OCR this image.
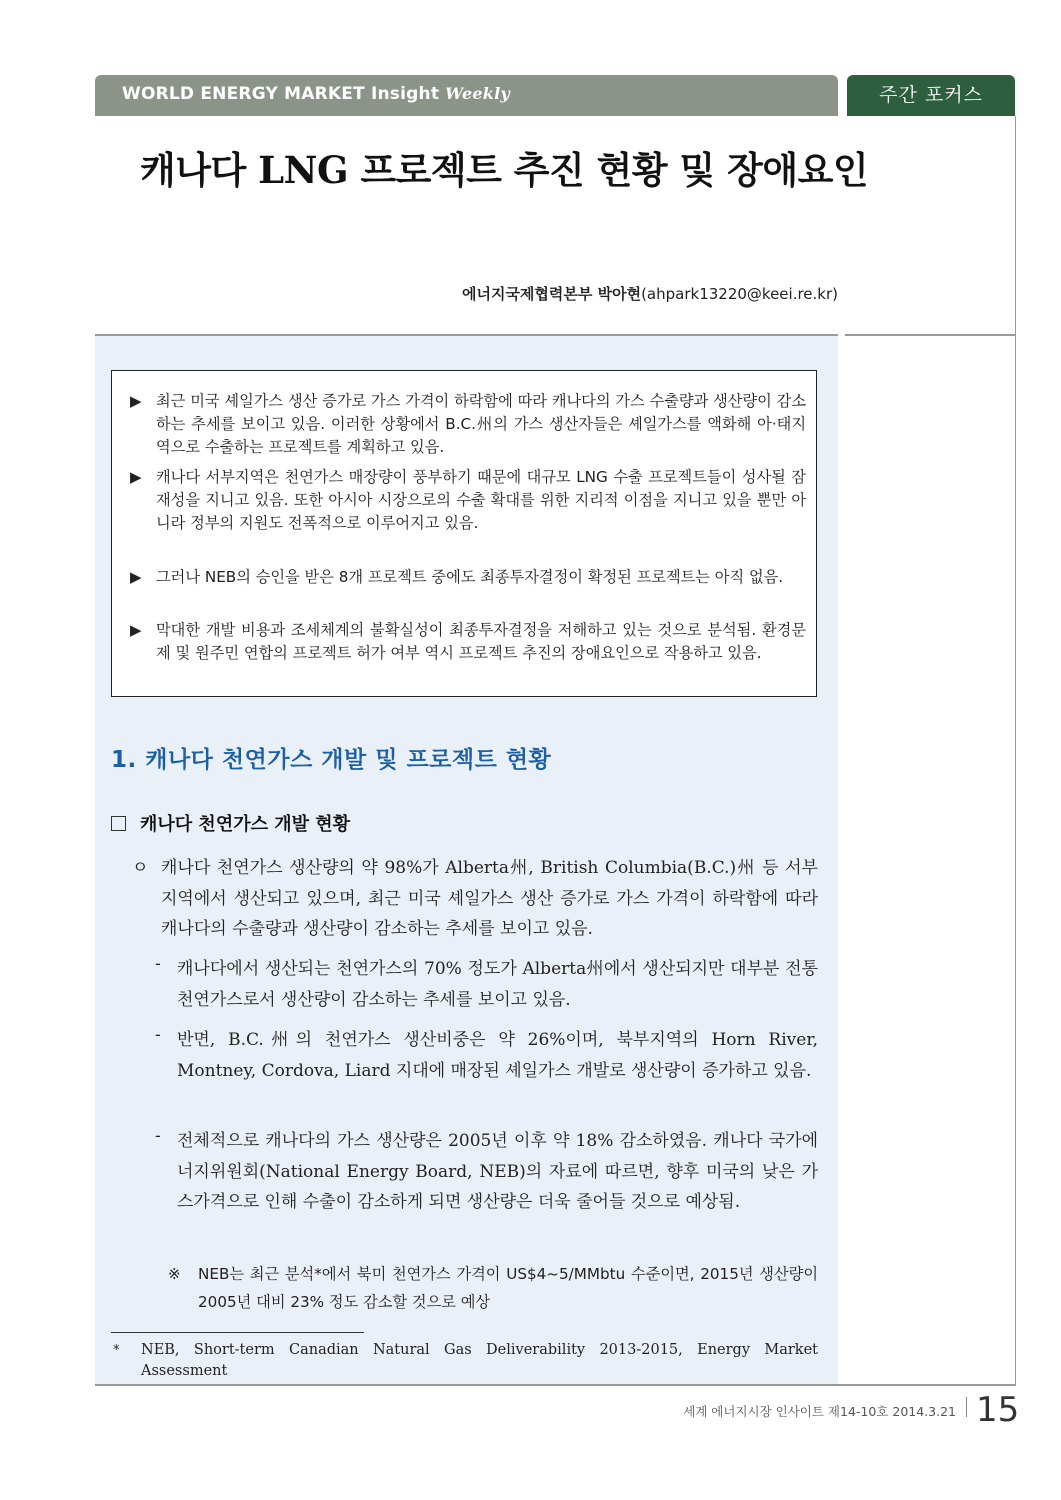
WORLD ENERGY MARKET Insight Weekly	주간 포커스
캐나다 LNG 프로젝트 추진 현황 및 장애요인
에너지국제협력본부 박아현(ahpark13220@keei.re.kr)
▶ 최근 미국 셰일가스 생산 증가로 가스 가격이 하락함에 따라 캐나다의 가스 수출량과 생산량이 감소하는 추세를 보이고 있음. 이러한 상황에서 B.C.州의 가스 생산자들은 셰일가스를 액화해 아·태지역으로 수출하는 프로젝트를 계획하고 있음.
▶ 캐나다 서부지역은 천연가스 매장량이 풍부하기 때문에 대규모 LNG 수출 프로젝트들이 성사될 잠재성을 지니고 있음. 또한 아시아 시장으로의 수출 확대를 위한 지리적 이점을 지니고 있을 뿐만 아니라 정부의 지원도 전폭적으로 이루어지고 있음.
▶ 그러나 NEB의 승인을 받은 8개 프로젝트 중에도 최종투자결정이 확정된 프로젝트는 아직 없음.
▶ 막대한 개발 비용과 조세체계의 불확실성이 최종투자결정을 저해하고 있는 것으로 분석됨. 환경문제 및 원주민 연합의 프로젝트 허가 여부 역시 프로젝트 추진의 장애요인으로 작용하고 있음.
1. 캐나다 천연가스 개발 및 프로젝트 현황
캐나다 천연가스 개발 현황
ㅇ 캐나다 천연가스 생산량의 약 98%가 Alberta州, British Columbia(B.C.)州 등 서부지역에서 생산되고 있으며, 최근 미국 셰일가스 생산 증가로 가스 가격이 하락함에 따라 캐나다의 수출량과 생산량이 감소하는 추세를 보이고 있음.
- 캐나다에서 생산되는 천연가스의 70% 정도가 Alberta州에서 생산되지만 대부분 전통 천연가스로서 생산량이 감소하는 추세를 보이고 있음.
- 반면, B.C.州의 천연가스 생산비중은 약 26%이며, 북부지역의 Horn River, Montney, Cordova, Liard 지대에 매장된 셰일가스 개발로 생산량이 증가하고 있음.
- 전체적으로 캐나다의 가스 생산량은 2005년 이후 약 18% 감소하였음. 캐나다 국가에너지위원회(National Energy Board, NEB)의 자료에 따르면, 향후 미국의 낮은 가스가격으로 인해 수출이 감소하게 되면 생산량은 더욱 줄어들 것으로 예상됨.
※ NEB는 최근 분석*에서 북미 천연가스 가격이 US$4~5/MMbtu 수준이면, 2015년 생산량이 2005년 대비 23% 정도 감소할 것으로 예상
* NEB, Short-term Canadian Natural Gas Deliverability 2013-2015, Energy Market Assessment
세계 에너지시장 인사이트 제14-10호 2014.3.21 15
